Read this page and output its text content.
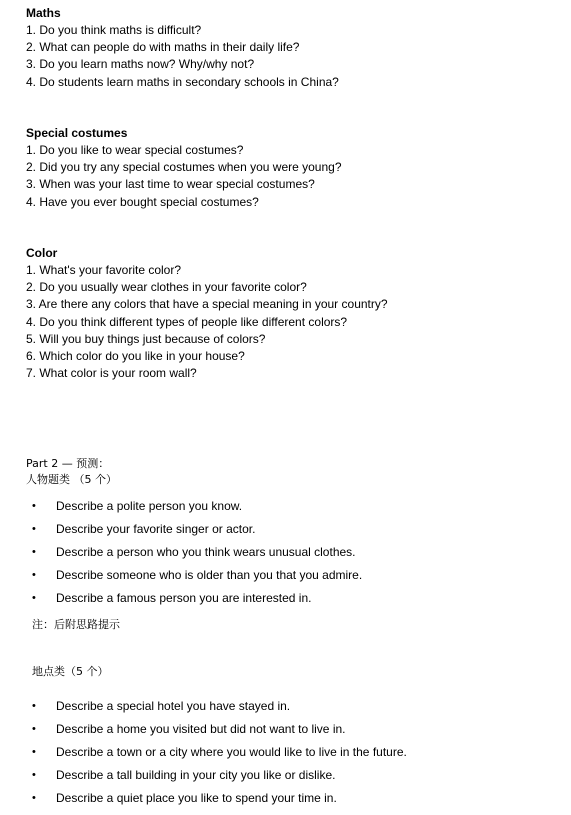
Maths

1. Do you think maths is difficult?

2. What can people do with maths in their daily life?

3. Do you learn maths now? Why/why not?

4. Do students learn maths in secondary schools in China?

Special costumes

1. Do you like to wear special costumes?

2. Did you try any special costumes when you were young?

3. When was your last time to wear special costumes?

4. Have you ever bought special costumes?

Color

1. What's your favorite color?

2. Do you usually wear clothes in your favorite color?

3. Are there any colors that have a special meaning in your country?

4. Do you think different types of people like different colors?

5. Will you buy things just because of colors?

6. Which color do you like in your house?

7. What color is your room wall?

Part 2 — 预测：
人物题类 （5 个）
• Describe a polite person you know.
• Describe your favorite singer or actor.
• Describe a person who you think wears unusual clothes.
• Describe someone who is older than you that you admire.
• Describe a famous person you are interested in.
注：后附思路提示
地点类（5 个）
• Describe a special hotel you have stayed in.
• Describe a home you visited but did not want to live in.
• Describe a town or a city where you would like to live in the future.
• Describe a tall building in your city you like or dislike.
• Describe a quiet place you like to spend your time in.
